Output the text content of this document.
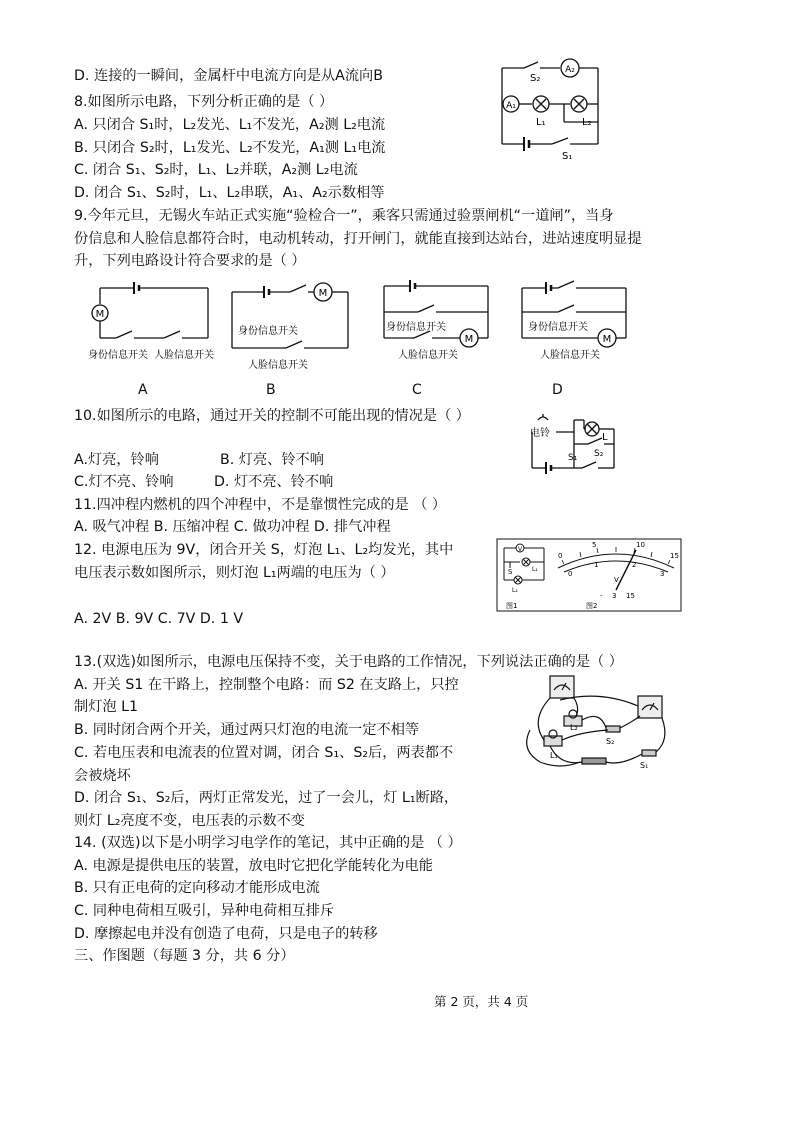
D. 连接的一瞬间，金属杆中电流方向是从A流向B
8.如图所示电路，下列分析正确的是（ ）
A. 只闭合 S₁时，L₂发光、L₁不发光，A₂测 L₂电流
B. 只闭合 S₂时，L₁发光、L₂不发光，A₁测 L₁电流
C. 闭合 S₁、S₂时，L₁、L₂并联，A₂测 L₂电流
D. 闭合 S₁、S₂时，L₁、L₂串联，A₁、A₂示数相等
9.今年元旦，无锡火车站正式实施“验检合一”，乘客只需通过验票闸机“一道闸”，当身
份信息和人脸信息都符合时，电动机转动，打开闸门，就能直接到达站台，进站速度明显提
升，下列电路设计符合要求的是（ ）
10.如图所示的电路，通过开关的控制不可能出现的情况是（ ）
A.灯亮，铃响	B. 灯亮、铃不响
C.灯不亮、铃响	D. 灯不亮、铃不响
11.四冲程内燃机的四个冲程中，不是靠惯性完成的是 （ ）
A. 吸气冲程 B. 压缩冲程 C. 做功冲程 D. 排气冲程
12. 电源电压为 9V，闭合开关 S，灯泡 L₁、L₂均发光，其中
电压表示数如图所示，则灯泡 L₁两端的电压为（ ）
A. 2V B. 9V C. 7V D. 1 V
13.(双选)如图所示，电源电压保持不变，关于电路的工作情况，下列说法正确的是（ ）
A. 开关 S1 在干路上，控制整个电路：而 S2 在支路上，只控
制灯泡 L1
B. 同时闭合两个开关，通过两只灯泡的电流一定不相等
C. 若电压表和电流表的位置对调，闭合 S₁、S₂后，两表都不
会被烧坏
D. 闭合 S₁、S₂后，两灯正常发光，过了一会儿，灯 L₁断路，
则灯 L₂亮度不变，电压表的示数不变
14. (双选)以下是小明学习电学作的笔记，其中正确的是 （ ）
A. 电源是提供电压的装置，放电时它把化学能转化为电能
B. 只有正电荷的定向移动才能形成电流
C. 同种电荷相互吸引，异种电荷相互排斥
D. 摩擦起电并没有创造了电荷，只是电子的转移
三、作图题（每题 3 分，共 6 分）
第 2 页，共 4 页
A₂
A₁
S₂
L₁	L₂
S₁
M
身份信息开关 人脸信息开关
A
M
身份信息开关
人脸信息开关
B
M
身份信息开关
人脸信息开关
C
M
身份信息开关
人脸信息开关
D
电铃	L
S₁ S₂
V
S	L₁
L₂
0
5	10
15
0
1	2
3
V
- 3 15
图1	图2
L₂
L₁
S₂
S₁
